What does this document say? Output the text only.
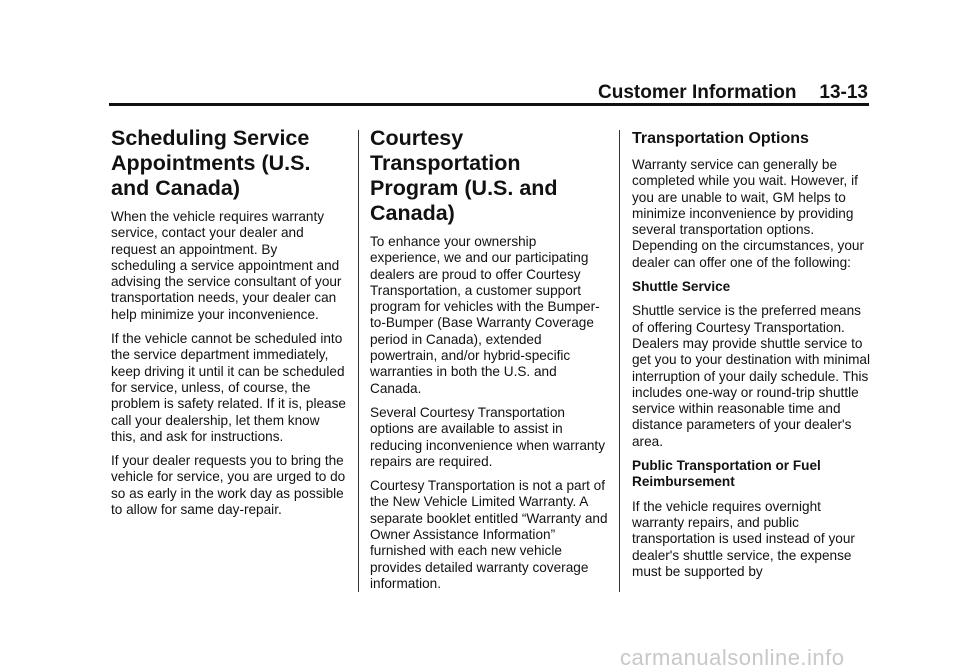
Customer Information 13-13
Scheduling Service Appointments (U.S. and Canada)

When the vehicle requires warranty service, contact your dealer and request an appointment. By scheduling a service appointment and advising the service consultant of your transportation needs, your dealer can help minimize your inconvenience.

If the vehicle cannot be scheduled into the service department immediately, keep driving it until it can be scheduled for service, unless, of course, the problem is safety related. If it is, please call your dealership, let them know this, and ask for instructions.

If your dealer requests you to bring the vehicle for service, you are urged to do so as early in the work day as possible to allow for same day-repair.

Courtesy Transportation Program (U.S. and Canada)

To enhance your ownership experience, we and our participating dealers are proud to offer Courtesy Transportation, a customer support program for vehicles with the Bumper-to-Bumper (Base Warranty Coverage period in Canada), extended powertrain, and/or hybrid-specific warranties in both the U.S. and Canada.

Several Courtesy Transportation options are available to assist in reducing inconvenience when warranty repairs are required.

Courtesy Transportation is not a part of the New Vehicle Limited Warranty. A separate booklet entitled “Warranty and Owner Assistance Information” furnished with each new vehicle provides detailed warranty coverage information.

Transportation Options

Warranty service can generally be completed while you wait. However, if you are unable to wait, GM helps to minimize inconvenience by providing several transportation options. Depending on the circumstances, your dealer can offer one of the following:

Shuttle Service

Shuttle service is the preferred means of offering Courtesy Transportation. Dealers may provide shuttle service to get you to your destination with minimal interruption of your daily schedule. This includes one-way or round-trip shuttle service within reasonable time and distance parameters of your dealer's area.

Public Transportation or Fuel Reimbursement

If the vehicle requires overnight warranty repairs, and public transportation is used instead of your dealer's shuttle service, the expense must be supported by

carmanualsonline.info
